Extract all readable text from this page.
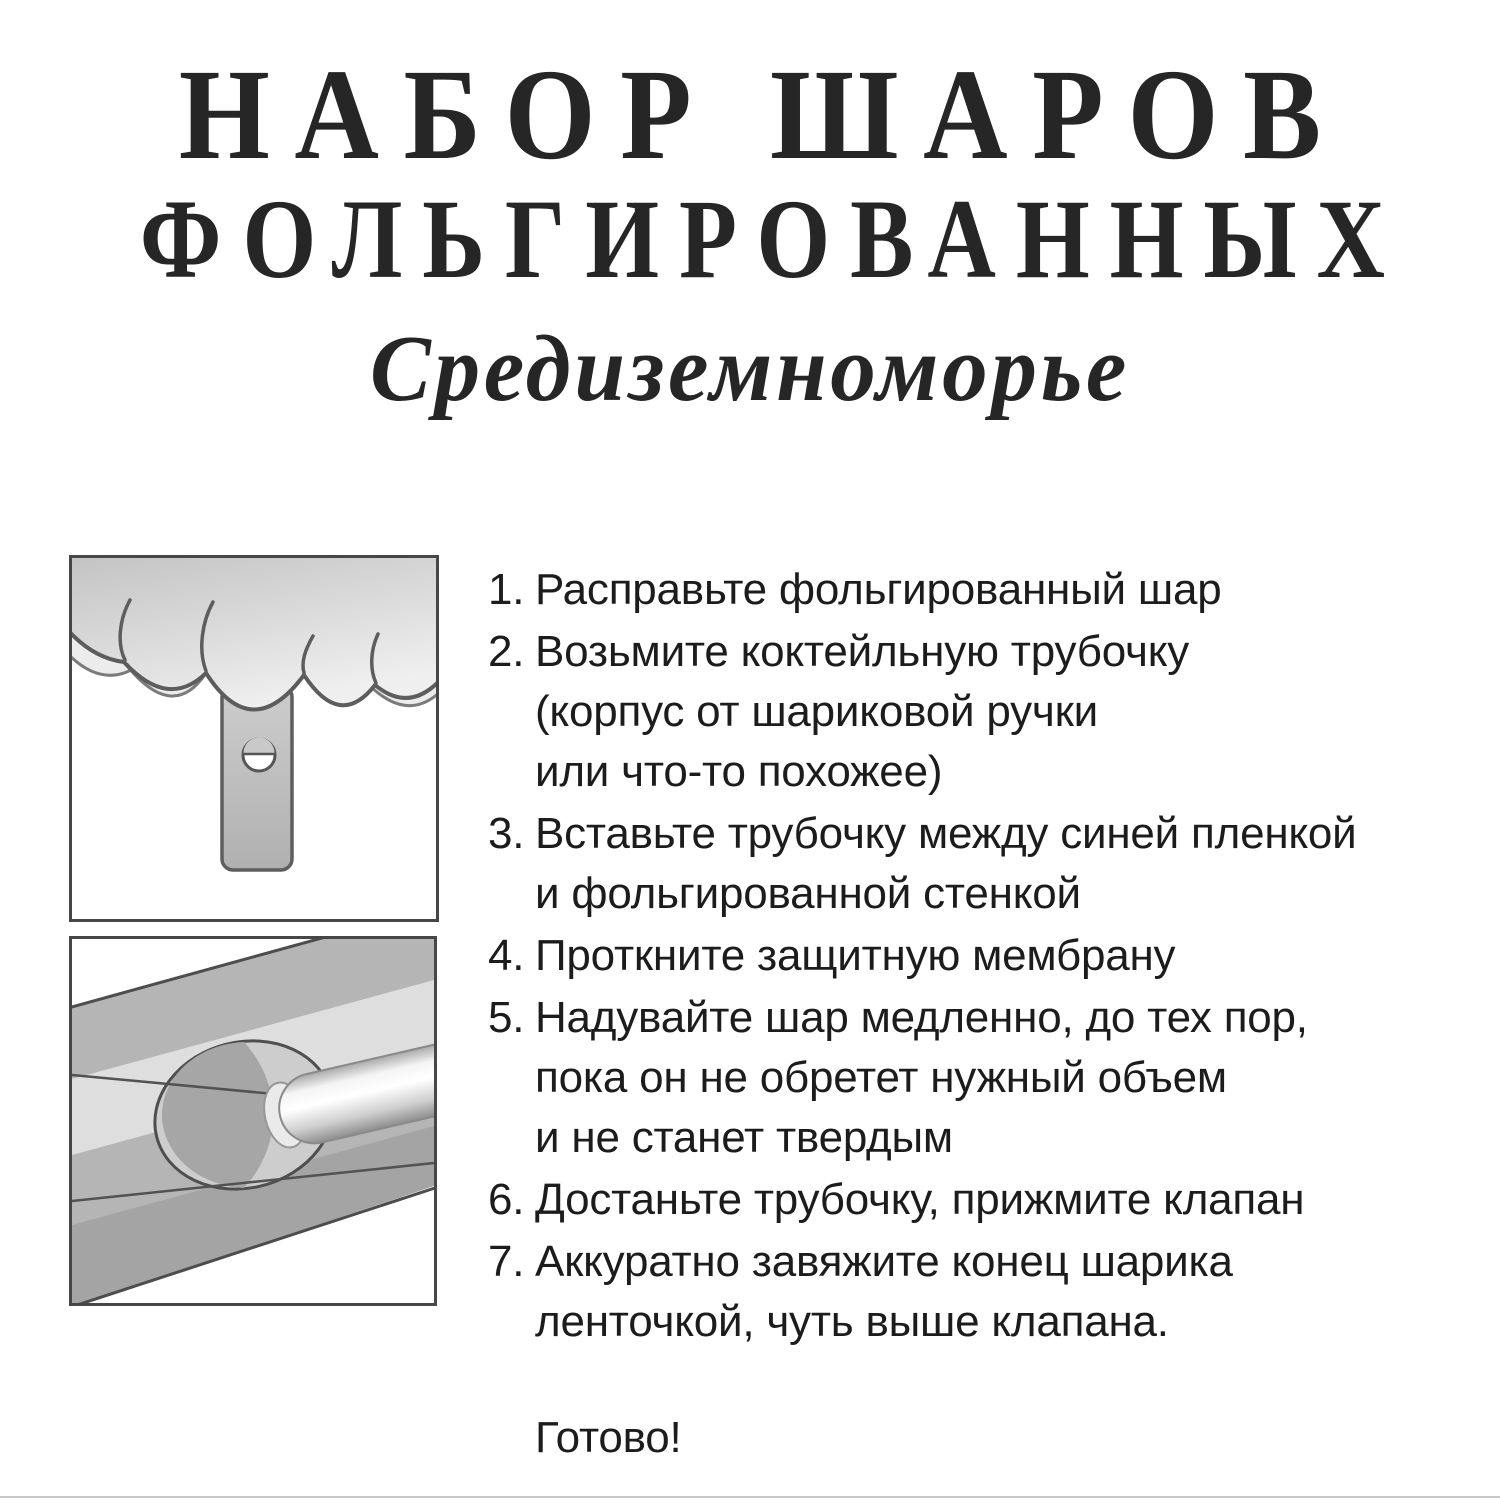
НАБОР ШАРОВ
ФОЛЬГИРОВАННЫХ
Средиземноморье
1. Расправьте фольгированный шар
2. Возьмите коктейльную трубочку
(корпус от шариковой ручки
или что-то похожее)
3. Вставьте трубочку между синей пленкой
и фольгированной стенкой
4. Проткните защитную мембрану
5. Надувайте шар медленно, до тех пор,
пока он не обретет нужный объем
и не станет твердым
6. Достаньте трубочку, прижмите клапан
7. Аккуратно завяжите конец шарика
ленточкой, чуть выше клапана.
Готово!
